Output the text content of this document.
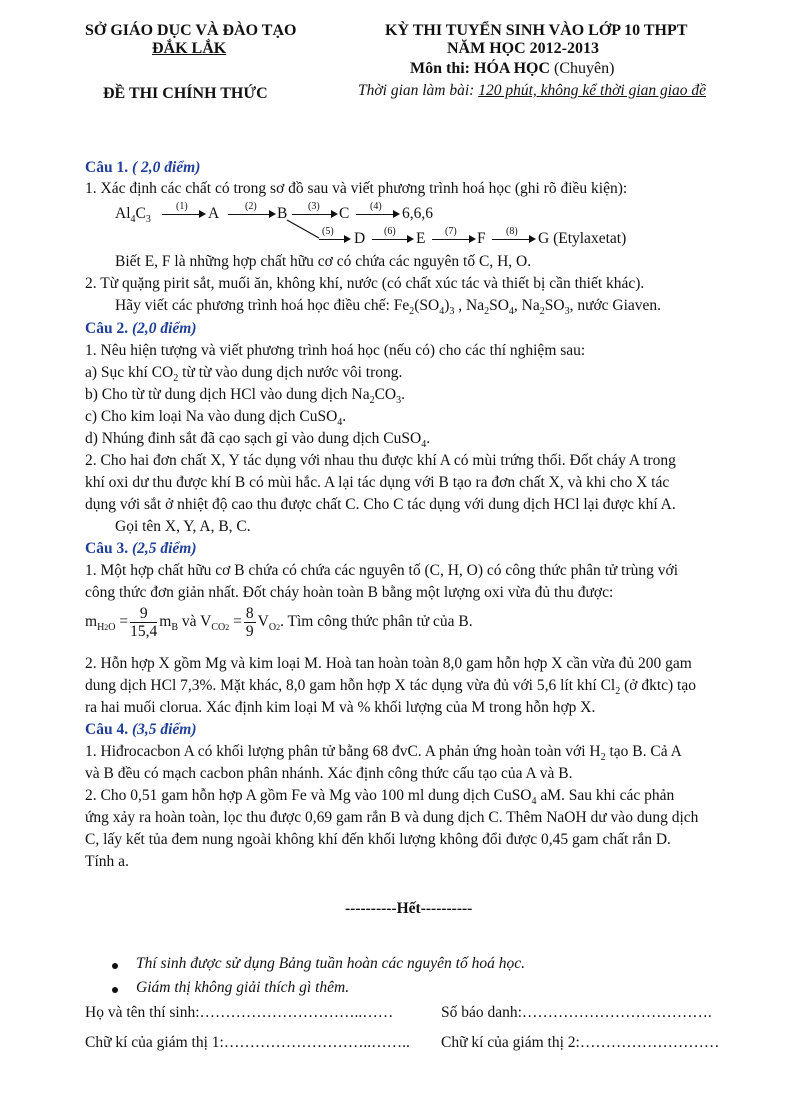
SỞ GIÁO DỤC VÀ ĐÀO TẠO
ĐẮK LẮK
ĐỀ THI CHÍNH THỨC
KỲ THI TUYỂN SINH VÀO LỚP 10 THPT
NĂM HỌC 2012-2013
Môn thi: HÓA HỌC (Chuyên)
Thời gian làm bài: 120 phút, không kể thời gian giao đề
Câu 1. ( 2,0 điểm)
1. Xác định các chất có trong sơ đồ sau và viết phương trình hoá học (ghi rõ điều kiện):
$Al_4C_3$
(1) A	(2) B (3) C (4) 6,6,6
(5) D (6) E (7) F (8) G (Etylaxetat)
Biết E, F là những hợp chất hữu cơ có chứa các nguyên tố C, H, O.
2. Từ quặng pirit sắt, muối ăn, không khí, nước (có chất xúc tác và thiết bị cần thiết khác).
Hãy viết các phương trình hoá học điều chế: $Fe_2(SO_4)_3$ , $Na_2SO_4$, $Na_2SO_3$, nước Giaven.
Câu 2. (2,0 điểm)
1. Nêu hiện tượng và viết phương trình hoá học (nếu có) cho các thí nghiệm sau:
a) Sục khí $CO_2$ từ từ vào dung dịch nước vôi trong.
b) Cho từ từ dung dịch HCl vào dung dịch $Na_2CO_3$.
c) Cho kim loại Na vào dung dịch CuSO$_4$.
d) Nhúng đinh sắt đã cạo sạch gỉ vào dung dịch CuSO$_4$.
2. Cho hai đơn chất X, Y tác dụng với nhau thu được khí A có mùi trứng thối. Đốt cháy A trong
khí oxi dư thu được khí B có mùi hắc. A lại tác dụng với B tạo ra đơn chất X, và khi cho X tác
dụng với sắt ở nhiệt độ cao thu được chất C. Cho C tác dụng với dung dịch HCl lại được khí A.
Gọi tên X, Y, A, B, C.
Câu 3. (2,5 điểm)
1. Một hợp chất hữu cơ B chứa có chứa các nguyên tố (C, H, O) có công thức phân tử trùng với
công thức đơn giản nhất. Đốt cháy hoàn toàn B bằng một lượng oxi vừa đủ thu được:
$m_{H2O} = \frac{9}{15,4} m_B$ và $V_{CO2} = \frac{8}{9} V_{O2}$. Tìm công thức phân tử của B.
2. Hỗn hợp X gồm Mg và kim loại M. Hoà tan hoàn toàn 8,0 gam hỗn hợp X cần vừa đủ 200 gam
dung dịch HCl 7,3%. Mặt khác, 8,0 gam hỗn hợp X tác dụng vừa đủ với 5,6 lít khí $Cl_2$ (ở đktc) tạo
ra hai muối clorua. Xác định kim loại M và % khối lượng của M trong hỗn hợp X.
Câu 4. (3,5 điểm)
1. Hiđrocacbon A có khối lượng phân tử bằng 68 đvC. A phản ứng hoàn toàn với $H_2$ tạo B. Cả A
và B đều có mạch cacbon phân nhánh. Xác định công thức cấu tạo của A và B.
2. Cho 0,51 gam hỗn hợp A gồm Fe và Mg vào 100 ml dung dịch CuSO$_4$ aM. Sau khi các phản
ứng xảy ra hoàn toàn, lọc thu được 0,69 gam rắn B và dung dịch C. Thêm NaOH dư vào dung dịch
C, lấy kết tủa đem nung ngoài không khí đến khối lượng không đổi được 0,45 gam chất rắn D.
Tính a.
----------Hết----------
Thí sinh được sử dụng Bảng tuần hoàn các nguyên tố hoá học.
Giám thị không giải thích gì thêm.
Họ và tên thí sinh:…………………………..……	Số báo danh:……………………………….
Chữ kí của giám thị 1:………………………..…….. Chữ kí của giám thị 2:………………………
